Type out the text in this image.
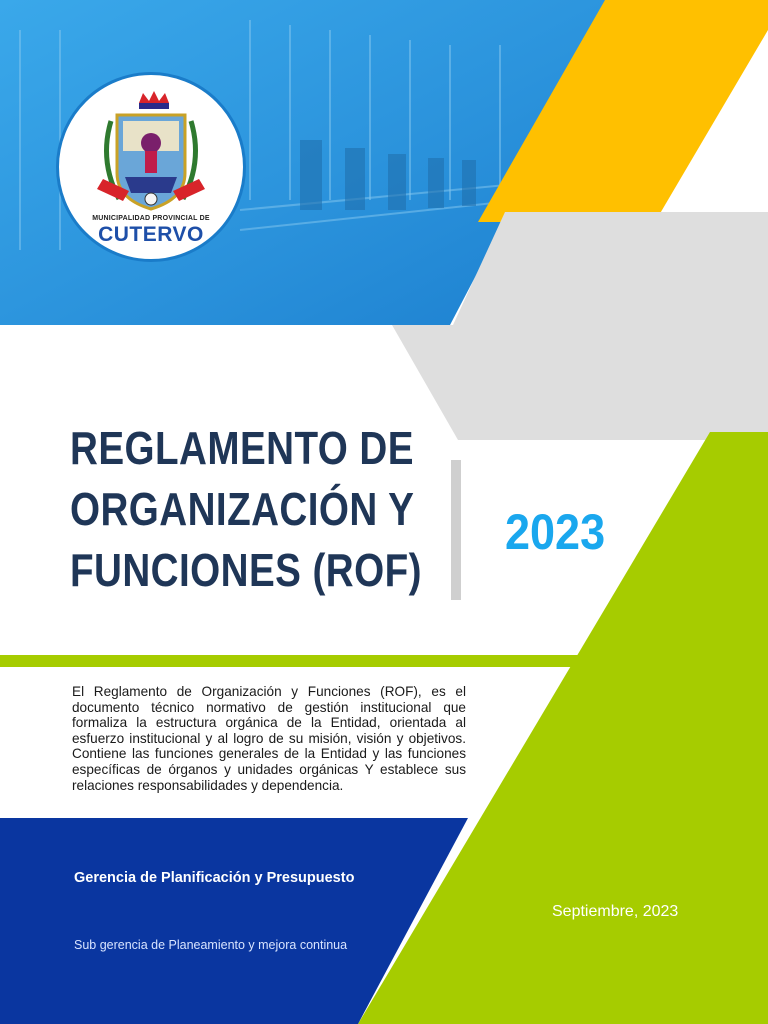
MUNICIPALIDAD PROVINCIAL DE
CUTERVO
REGLAMENTO DE
ORGANIZACIÓN Y
FUNCIONES (ROF)
2023
El Reglamento de Organización y Funciones (ROF), es el documento técnico normativo de gestión institucional que formaliza la estructura orgánica de la Entidad, orientada al esfuerzo institucional y al logro de su misión, visión y objetivos. Contiene las funciones generales de la Entidad y las funciones específicas de órganos y unidades orgánicas Y establece sus relaciones responsabilidades y dependencia.
Gerencia de Planificación y Presupuesto
Sub gerencia de Planeamiento y mejora continua
Septiembre, 2023
